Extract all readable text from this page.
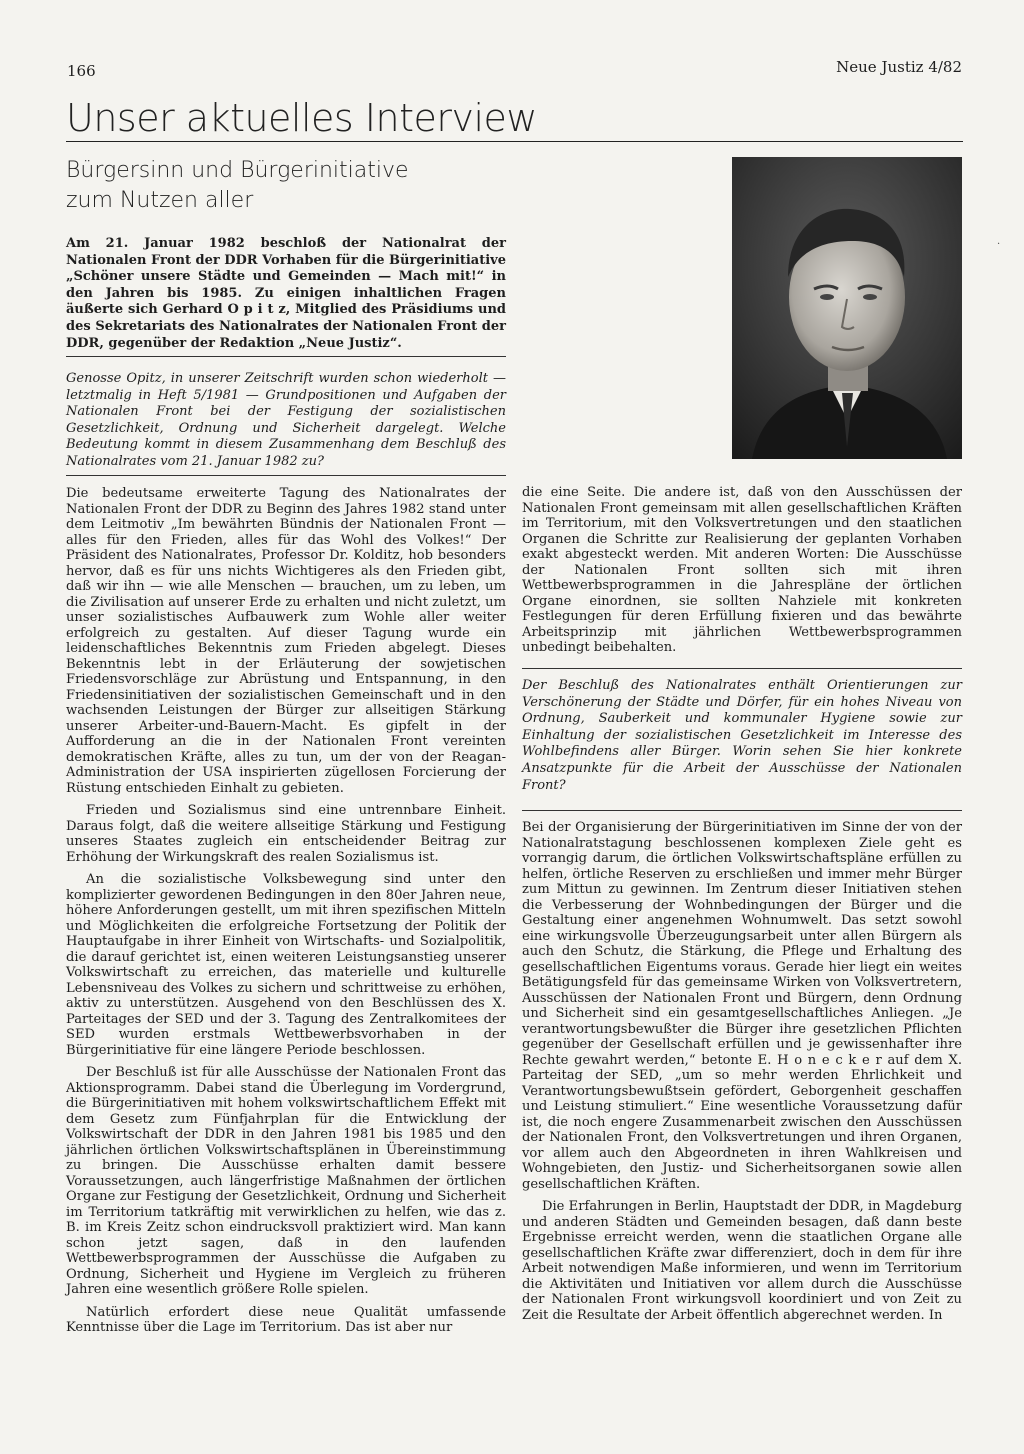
166	Neue Justiz 4/82
Unser aktuelles Interview
Bürgersinn und Bürgerinitiative
zum Nutzen aller
Am 21. Januar 1982 beschloß der Nationalrat der Nationalen Front der DDR Vorhaben für die Bürgerinitiative „Schöner unsere Städte und Gemeinden — Mach mit!“ in den Jahren bis 1985. Zu einigen inhaltlichen Fragen äußerte sich Gerhard O p i t z, Mitglied des Präsidiums und des Sekretariats des Nationalrates der Nationalen Front der DDR, gegenüber der Redaktion „Neue Justiz“.
·
Genosse Opitz, in unserer Zeitschrift wurden schon wiederholt — letztmalig in Heft 5/1981 — Grundpositionen und Aufgaben der Nationalen Front bei der Festigung der sozialistischen Gesetzlichkeit, Ordnung und Sicherheit dargelegt. Welche Bedeutung kommt in diesem Zusammenhang dem Beschluß des Nationalrates vom 21. Januar 1982 zu?

Die bedeutsame erweiterte Tagung des Nationalrates der Nationalen Front der DDR zu Beginn des Jahres 1982 stand unter dem Leitmotiv „Im bewährten Bündnis der Nationalen Front — alles für den Frieden, alles für das Wohl des Volkes!“ Der Präsident des Nationalrates, Professor Dr. Kolditz, hob besonders hervor, daß es für uns nichts Wichtigeres als den Frieden gibt, daß wir ihn — wie alle Menschen — brauchen, um zu leben, um die Zivilisation auf unserer Erde zu erhalten und nicht zuletzt, um unser sozialistisches Aufbauwerk zum Wohle aller weiter erfolgreich zu gestalten. Auf dieser Tagung wurde ein leidenschaftliches Bekenntnis zum Frieden abgelegt. Dieses Bekenntnis lebt in der Erläuterung der sowjetischen Friedensvorschläge zur Abrüstung und Entspannung, in den Friedensinitiativen der sozialistischen Gemeinschaft und in den wachsenden Leistungen der Bürger zur allseitigen Stärkung unserer Arbeiter-und-Bauern-Macht. Es gipfelt in der Aufforderung an die in der Nationalen Front vereinten demokratischen Kräfte, alles zu tun, um der von der Reagan-Administration der USA inspirierten zügellosen Forcierung der Rüstung entschieden Einhalt zu gebieten.

Frieden und Sozialismus sind eine untrennbare Einheit. Daraus folgt, daß die weitere allseitige Stärkung und Festigung unseres Staates zugleich ein entscheidender Beitrag zur Erhöhung der Wirkungskraft des realen Sozialismus ist.

An die sozialistische Volksbewegung sind unter den komplizierter gewordenen Bedingungen in den 80er Jahren neue, höhere Anforderungen gestellt, um mit ihren spezifischen Mitteln und Möglichkeiten die erfolgreiche Fortsetzung der Politik der Hauptaufgabe in ihrer Einheit von Wirtschafts- und Sozialpolitik, die darauf gerichtet ist, einen weiteren Leistungsanstieg unserer Volkswirtschaft zu erreichen, das materielle und kulturelle Lebensniveau des Volkes zu sichern und schrittweise zu erhöhen, aktiv zu unterstützen. Ausgehend von den Beschlüssen des X. Parteitages der SED und der 3. Tagung des Zentralkomitees der SED wurden erstmals Wettbewerbsvorhaben in der Bürgerinitiative für eine längere Periode beschlossen.

Der Beschluß ist für alle Ausschüsse der Nationalen Front das Aktionsprogramm. Dabei stand die Überlegung im Vordergrund, die Bürgerinitiativen mit hohem volkswirtschaftlichem Effekt mit dem Gesetz zum Fünfjahrplan für die Entwicklung der Volkswirtschaft der DDR in den Jahren 1981 bis 1985 und den jährlichen örtlichen Volkswirtschaftsplänen in Übereinstimmung zu bringen. Die Ausschüsse erhalten damit bessere Voraussetzungen, auch längerfristige Maßnahmen der örtlichen Organe zur Festigung der Gesetzlichkeit, Ordnung und Sicherheit im Territorium tatkräftig mit verwirklichen zu helfen, wie das z. B. im Kreis Zeitz schon eindrucksvoll praktiziert wird. Man kann schon jetzt sagen, daß in den laufenden Wettbewerbsprogrammen der Ausschüsse die Aufgaben zu Ordnung, Sicherheit und Hygiene im Vergleich zu früheren Jahren eine wesentlich größere Rolle spielen.

Natürlich erfordert diese neue Qualität umfassende Kenntnisse über die Lage im Territorium. Das ist aber nur

die eine Seite. Die andere ist, daß von den Ausschüssen der Nationalen Front gemeinsam mit allen gesellschaftlichen Kräften im Territorium, mit den Volksvertretungen und den staatlichen Organen die Schritte zur Realisierung der geplanten Vorhaben exakt abgesteckt werden. Mit anderen Worten: Die Ausschüsse der Nationalen Front sollten sich mit ihren Wettbewerbsprogrammen in die Jahrespläne der örtlichen Organe einordnen, sie sollten Nahziele mit konkreten Festlegungen für deren Erfüllung fixieren und das bewährte Arbeitsprinzip mit jährlichen Wettbewerbsprogrammen unbedingt beibehalten.

Der Beschluß des Nationalrates enthält Orientierungen zur Verschönerung der Städte und Dörfer, für ein hohes Niveau von Ordnung, Sauberkeit und kommunaler Hygiene sowie zur Einhaltung der sozialistischen Gesetzlichkeit im Interesse des Wohlbefindens aller Bürger. Worin sehen Sie hier konkrete Ansatzpunkte für die Arbeit der Ausschüsse der Nationalen Front?

Bei der Organisierung der Bürgerinitiativen im Sinne der von der Nationalratstagung beschlossenen komplexen Ziele geht es vorrangig darum, die örtlichen Volkswirtschaftspläne erfüllen zu helfen, örtliche Reserven zu erschließen und immer mehr Bürger zum Mittun zu gewinnen. Im Zentrum dieser Initiativen stehen die Verbesserung der Wohnbedingungen der Bürger und die Gestaltung einer angenehmen Wohnumwelt. Das setzt sowohl eine wirkungsvolle Überzeugungsarbeit unter allen Bürgern als auch den Schutz, die Stärkung, die Pflege und Erhaltung des gesellschaftlichen Eigentums voraus. Gerade hier liegt ein weites Betätigungsfeld für das gemeinsame Wirken von Volksvertretern, Ausschüssen der Nationalen Front und Bürgern, denn Ordnung und Sicherheit sind ein gesamtgesellschaftliches Anliegen. „Je verantwortungsbewußter die Bürger ihre gesetzlichen Pflichten gegenüber der Gesellschaft erfüllen und je gewissenhafter ihre Rechte gewahrt werden,“ betonte E. H o n e c k e r auf dem X. Parteitag der SED, „um so mehr werden Ehrlichkeit und Verantwortungsbewußtsein gefördert, Geborgenheit geschaffen und Leistung stimuliert.“ Eine wesentliche Voraussetzung dafür ist, die noch engere Zusammenarbeit zwischen den Ausschüssen der Nationalen Front, den Volksvertretungen und ihren Organen, vor allem auch den Abgeordneten in ihren Wahlkreisen und Wohngebieten, den Justiz- und Sicherheitsorganen sowie allen gesellschaftlichen Kräften.

Die Erfahrungen in Berlin, Hauptstadt der DDR, in Magdeburg und anderen Städten und Gemeinden besagen, daß dann beste Ergebnisse erreicht werden, wenn die staatlichen Organe alle gesellschaftlichen Kräfte zwar differenziert, doch in dem für ihre Arbeit notwendigen Maße informieren, und wenn im Territorium die Aktivitäten und Initiativen vor allem durch die Ausschüsse der Nationalen Front wirkungsvoll koordiniert und von Zeit zu Zeit die Resultate der Arbeit öffentlich abgerechnet werden. In
